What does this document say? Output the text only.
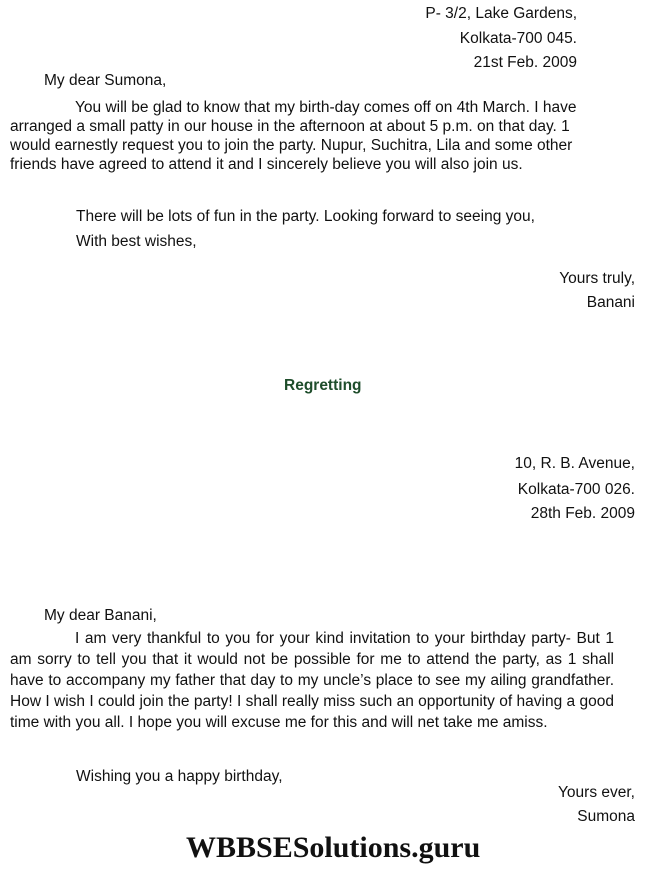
P- 3/2, Lake Gardens,
Kolkata-700 045.
21st Feb. 2009
My dear Sumona,
You will be glad to know that my birth-day comes off on 4th March. I have arranged a small patty in our house in the afternoon at about 5 p.m. on that day. 1 would earnestly request you to join the party. Nupur, Suchitra, Lila and some other friends have agreed to attend it and I sincerely believe you will also join us.
There will be lots of fun in the party. Looking forward to seeing you,
With best wishes,
Yours truly,
Banani
Regretting
10, R. B. Avenue,
Kolkata-700 026.
28th Feb. 2009
My dear Banani,
I am very thankful to you for your kind invitation to your birthday party- But 1 am sorry to tell you that it would not be possible for me to attend the party, as 1 shall have to accompany my father that day to my uncle’s place to see my ailing grandfather. How I wish I could join the party! I shall really miss such an opportunity of having a good time with you all. I hope you will excuse me for this and will net take me amiss.
Wishing you a happy birthday,
Yours ever,
Sumona
WBBSESolutions.guru
